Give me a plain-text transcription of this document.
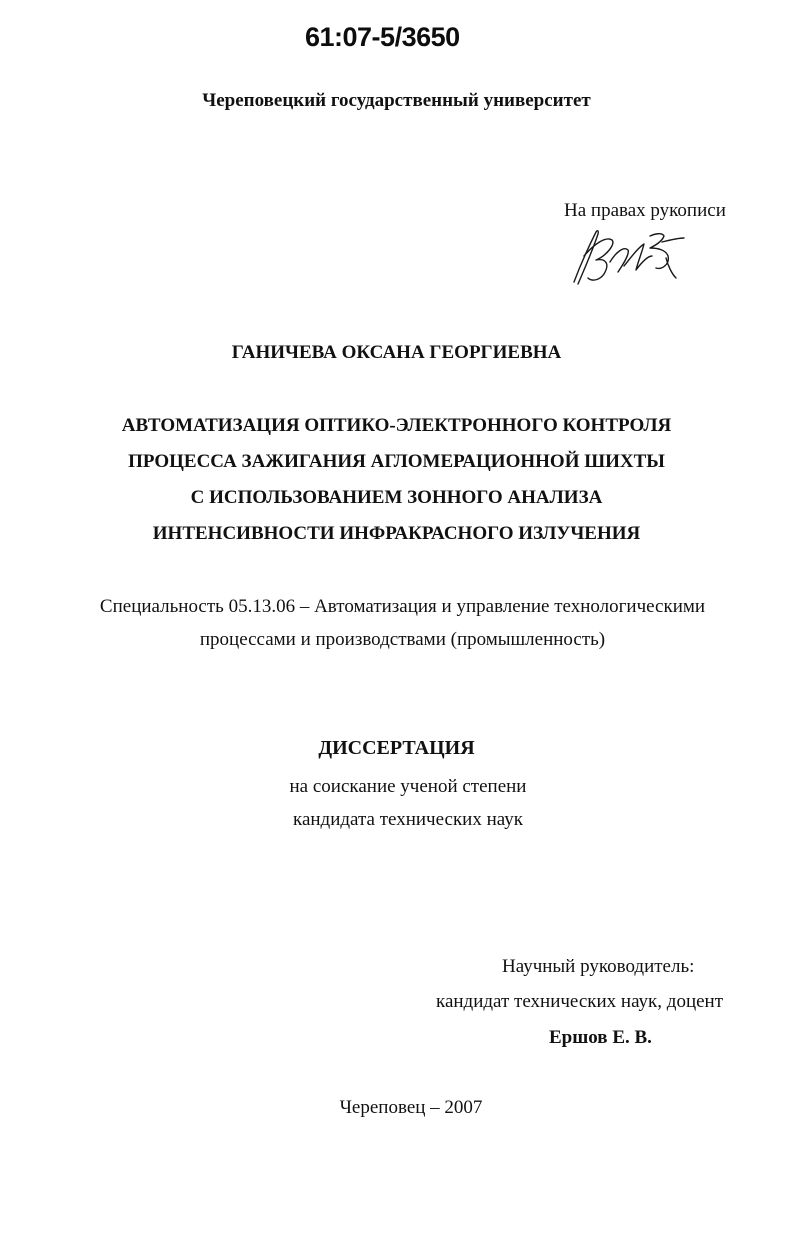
61:07-5/3650
Череповецкий государственный университет
На правах рукописи
ГАНИЧЕВА ОКСАНА ГЕОРГИЕВНА
АВТОМАТИЗАЦИЯ ОПТИКО-ЭЛЕКТРОННОГО КОНТРОЛЯ
ПРОЦЕССА ЗАЖИГАНИЯ АГЛОМЕРАЦИОННОЙ ШИХТЫ
С ИСПОЛЬЗОВАНИЕМ ЗОННОГО АНАЛИЗА
ИНТЕНСИВНОСТИ ИНФРАКРАСНОГО ИЗЛУЧЕНИЯ
Специальность 05.13.06 – Автоматизация и управление технологическими
процессами и производствами (промышленность)
ДИССЕРТАЦИЯ
на соискание ученой степени
кандидата технических наук
Научный руководитель:
кандидат технических наук, доцент
Ершов Е. В.
Череповец – 2007
